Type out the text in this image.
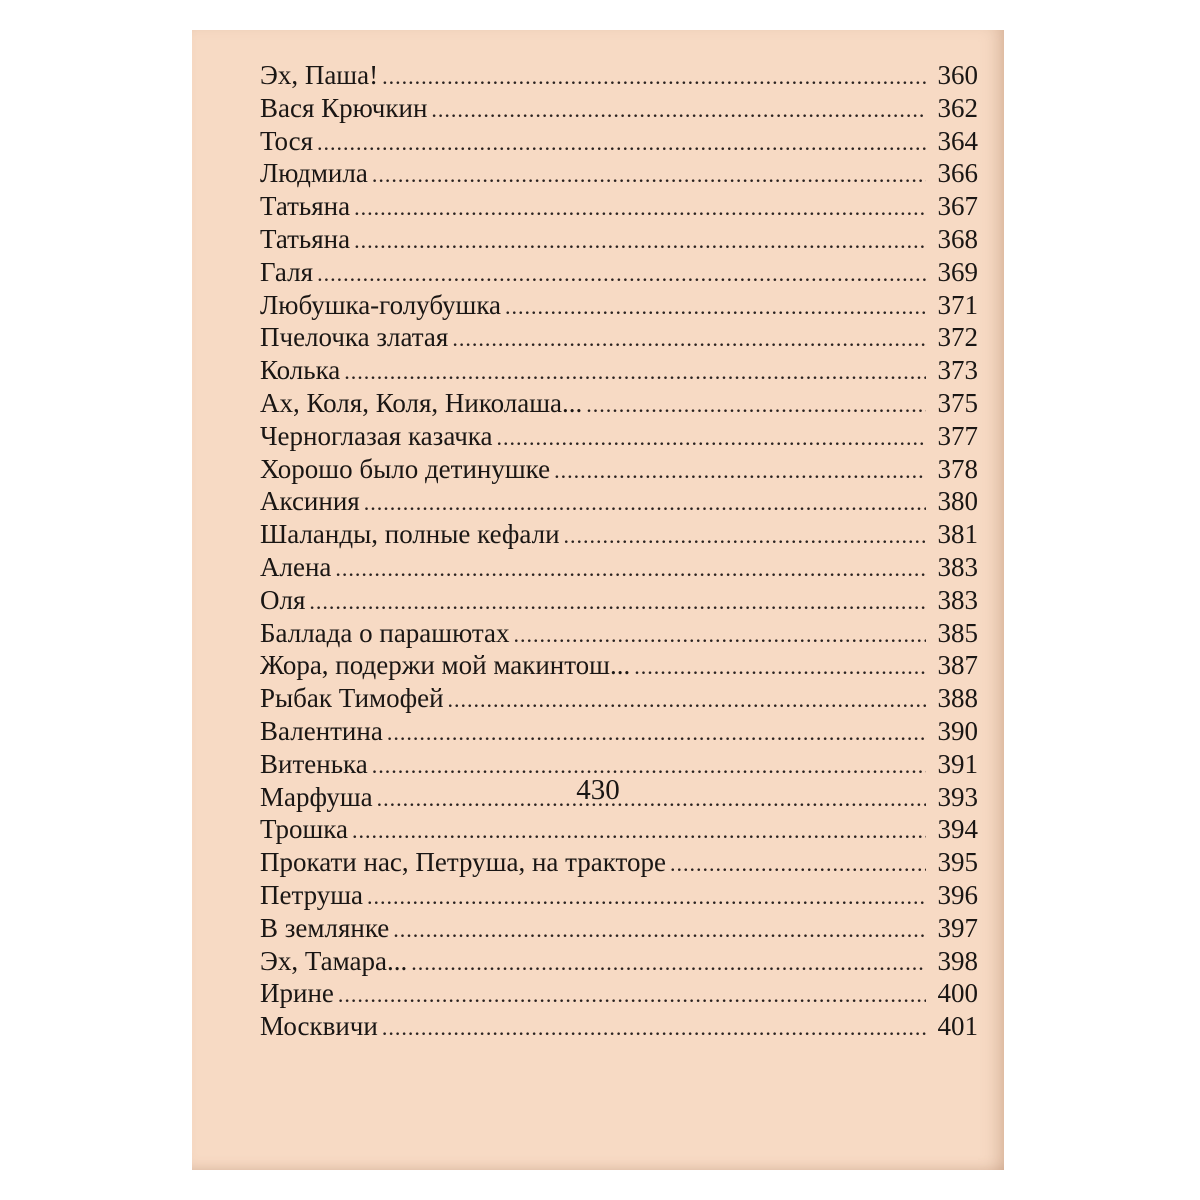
Эх, Паша! .....	360
Вася Крючкин .....	362
Тося .....	364
Людмила .....	366
Татьяна .....	367
Татьяна .....	368
Галя .....	369
Любушка-голубушка .....	371
Пчелочка златая .....	372
Колька .....	373
Ах, Коля, Коля, Николаша... .....	375
Черноглазая казачка .....	377
Хорошо было детинушке .....	378
Аксиния .....	380
Шаланды, полные кефали .....	381
Алена .....	383
Оля .....	383
Баллада о парашютах .....	385
Жора, подержи мой макинтош... .....	387
Рыбак Тимофей .....	388
Валентина .....	390
Витенька .....	391
Марфуша .....	393
Трошка .....	394
Прокати нас, Петруша, на тракторе .....	395
Петруша .....	396
В землянке .....	397
Эх, Тамара... .....	398
Ирине .....	400
Москвичи .....	401
430
